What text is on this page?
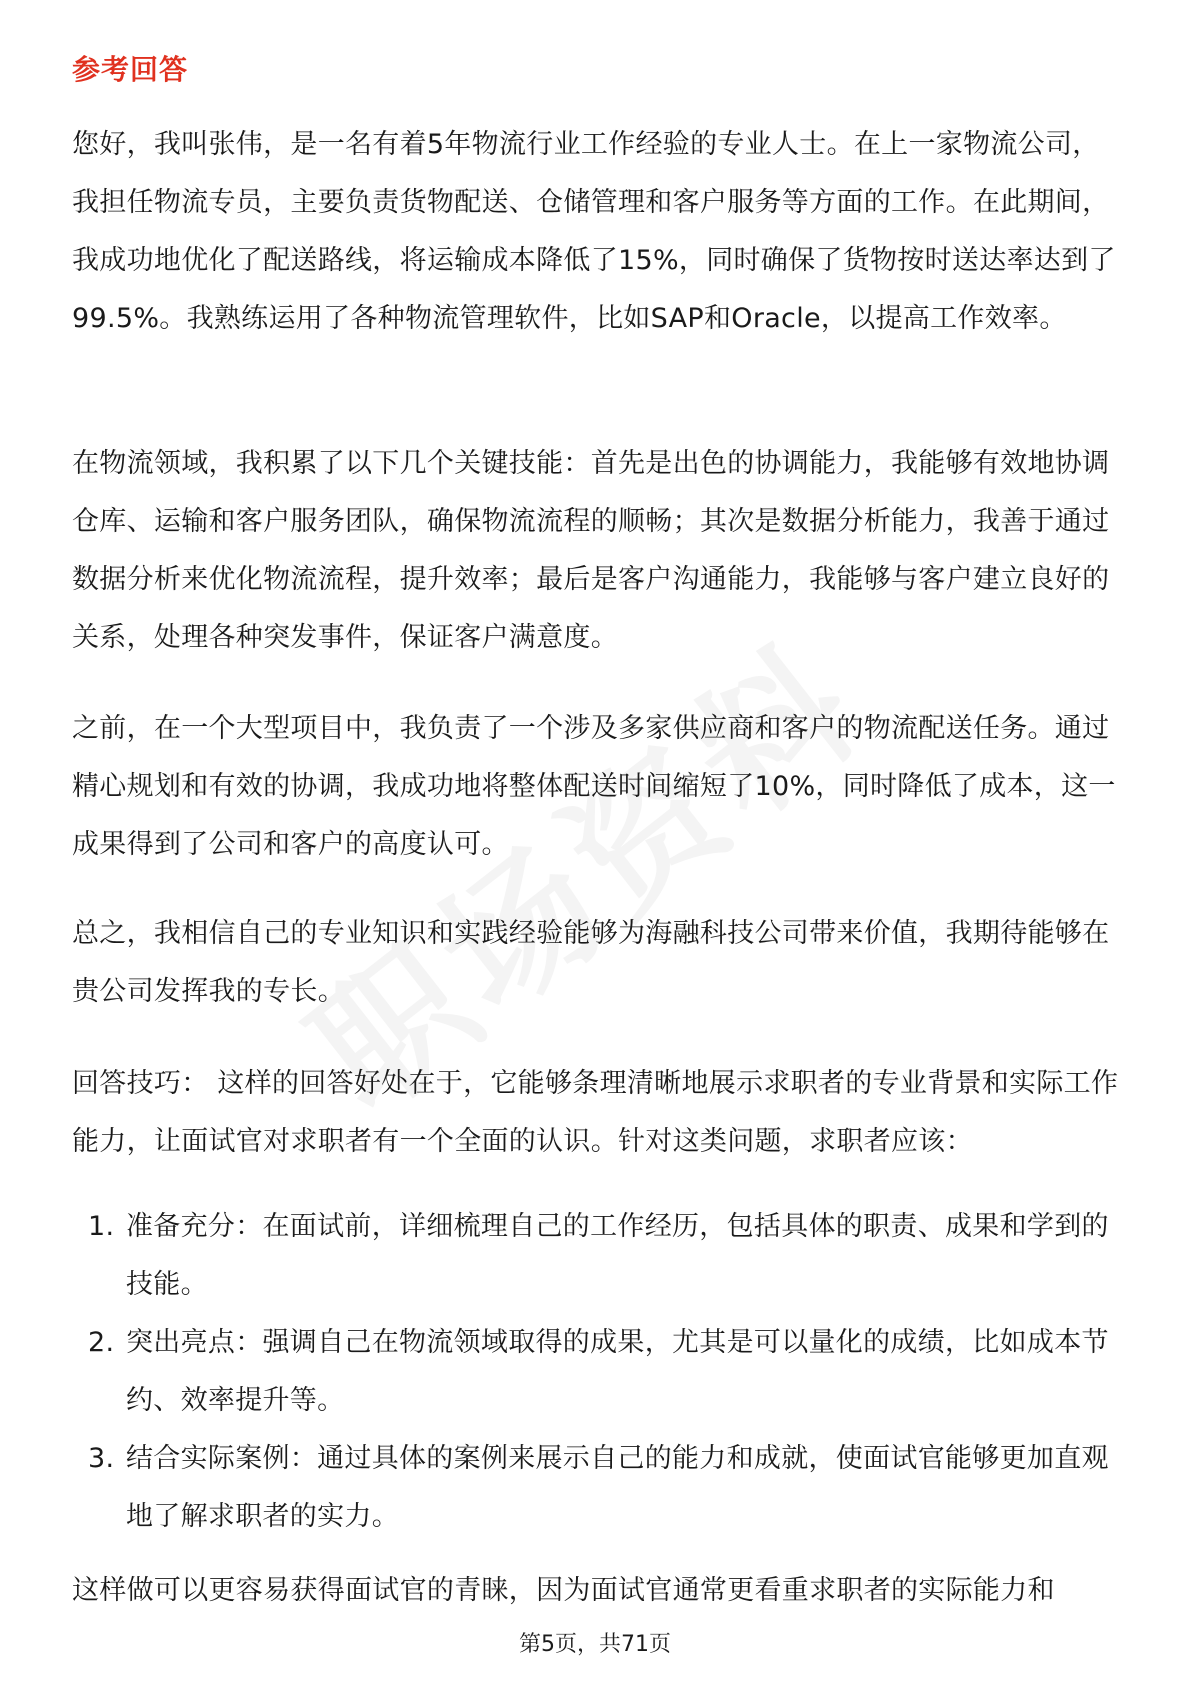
参考回答

您好，我叫张伟，是一名有着5年物流行业工作经验的专业人士。在上一家物流公司，我担任物流专员，主要负责货物配送、仓储管理和客户服务等方面的工作。在此期间，我成功地优化了配送路线，将运输成本降低了15%，同时确保了货物按时送达率达到了99.5%。我熟练运用了各种物流管理软件，比如SAP和Oracle，以提高工作效率。

在物流领域，我积累了以下几个关键技能：首先是出色的协调能力，我能够有效地协调仓库、运输和客户服务团队，确保物流流程的顺畅；其次是数据分析能力，我善于通过数据分析来优化物流流程，提升效率；最后是客户沟通能力，我能够与客户建立良好的关系，处理各种突发事件，保证客户满意度。

之前，在一个大型项目中，我负责了一个涉及多家供应商和客户的物流配送任务。通过精心规划和有效的协调，我成功地将整体配送时间缩短了10%，同时降低了成本，这一成果得到了公司和客户的高度认可。

总之，我相信自己的专业知识和实践经验能够为海融科技公司带来价值，我期待能够在贵公司发挥我的专长。

回答技巧： 这样的回答好处在于，它能够条理清晰地展示求职者的专业背景和实际工作能力，让面试官对求职者有一个全面的认识。针对这类问题，求职者应该：

1. 准备充分：在面试前，详细梳理自己的工作经历，包括具体的职责、成果和学到的技能。
2. 突出亮点：强调自己在物流领域取得的成果，尤其是可以量化的成绩，比如成本节约、效率提升等。
3. 结合实际案例：通过具体的案例来展示自己的能力和成就，使面试官能够更加直观地了解求职者的实力。

这样做可以更容易获得面试官的青睐，因为面试官通常更看重求职者的实际能力和

第5页，共71页
